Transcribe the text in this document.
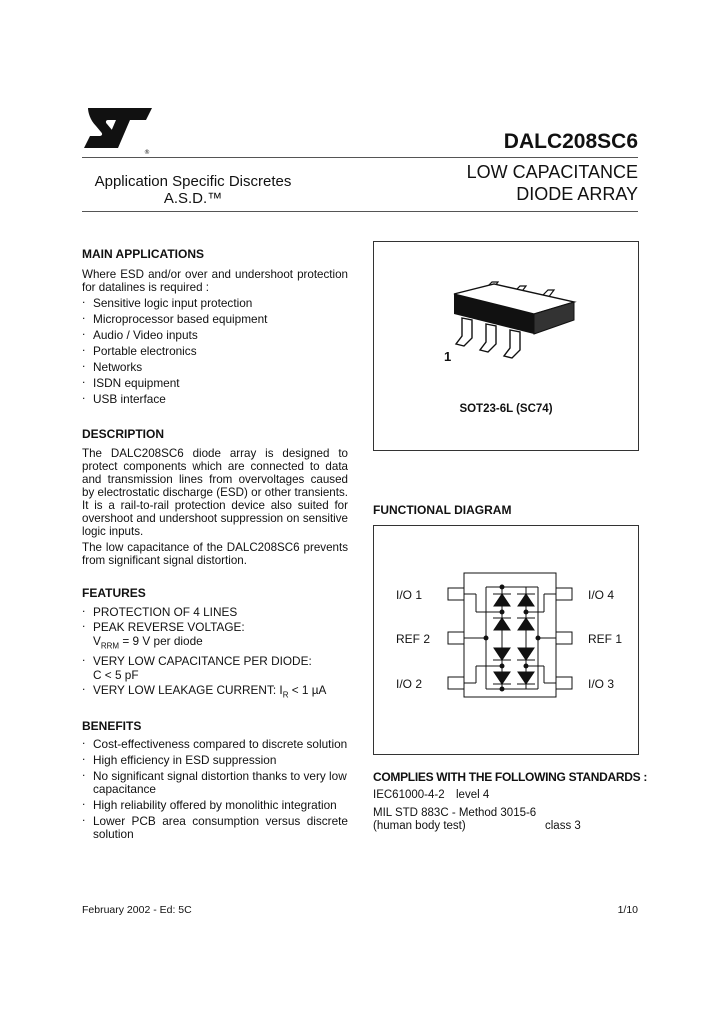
®	DALC208SC6
LOW CAPACITANCE
DIODE ARRAY
Application Specific Discretes
A.S.D.™
MAIN APPLICATIONS
Where ESD and/or over and undershoot protection for datalines is required :
. Sensitive logic input protection
. Microprocessor based equipment
. Audio / Video inputs
. Portable electronics
. Networks
. ISDN equipment
. USB interface
DESCRIPTION
The DALC208SC6 diode array is designed to protect components which are connected to data and transmission lines from overvoltages caused by electrostatic discharge (ESD) or other transients. It is a rail-to-rail protection device also suited for overshoot and undershoot suppression on sensitive logic inputs.
The low capacitance of the DALC208SC6 prevents from significant signal distortion.
FEATURES
. PROTECTION OF 4 LINES
. PEAK REVERSE VOLTAGE:
$V_{RRM} = 9$ V per diode
. VERY LOW CAPACITANCE PER DIODE:
C < 5 pF
. VERY LOW LEAKAGE CURRENT: $I_R < 1$ µA
BENEFITS
. Cost-effectiveness compared to discrete solution
. High efficiency in ESD suppression
. No significant signal distortion thanks to very low capacitance
. High reliability offered by monolithic integration
. Lower PCB area consumption versus discrete solution
1
SOT23-6L (SC74)
FUNCTIONAL DIAGRAM
I/O 1
REF 2
I/O 2
I/O 4
REF 1
I/O 3
COMPLIES WITH THE FOLLOWING STANDARDS :
IEC61000-4-2 level 4
MIL STD 883C - Method 3015-6
(human body test)	class 3
February 2002 - Ed: 5C	1/10
